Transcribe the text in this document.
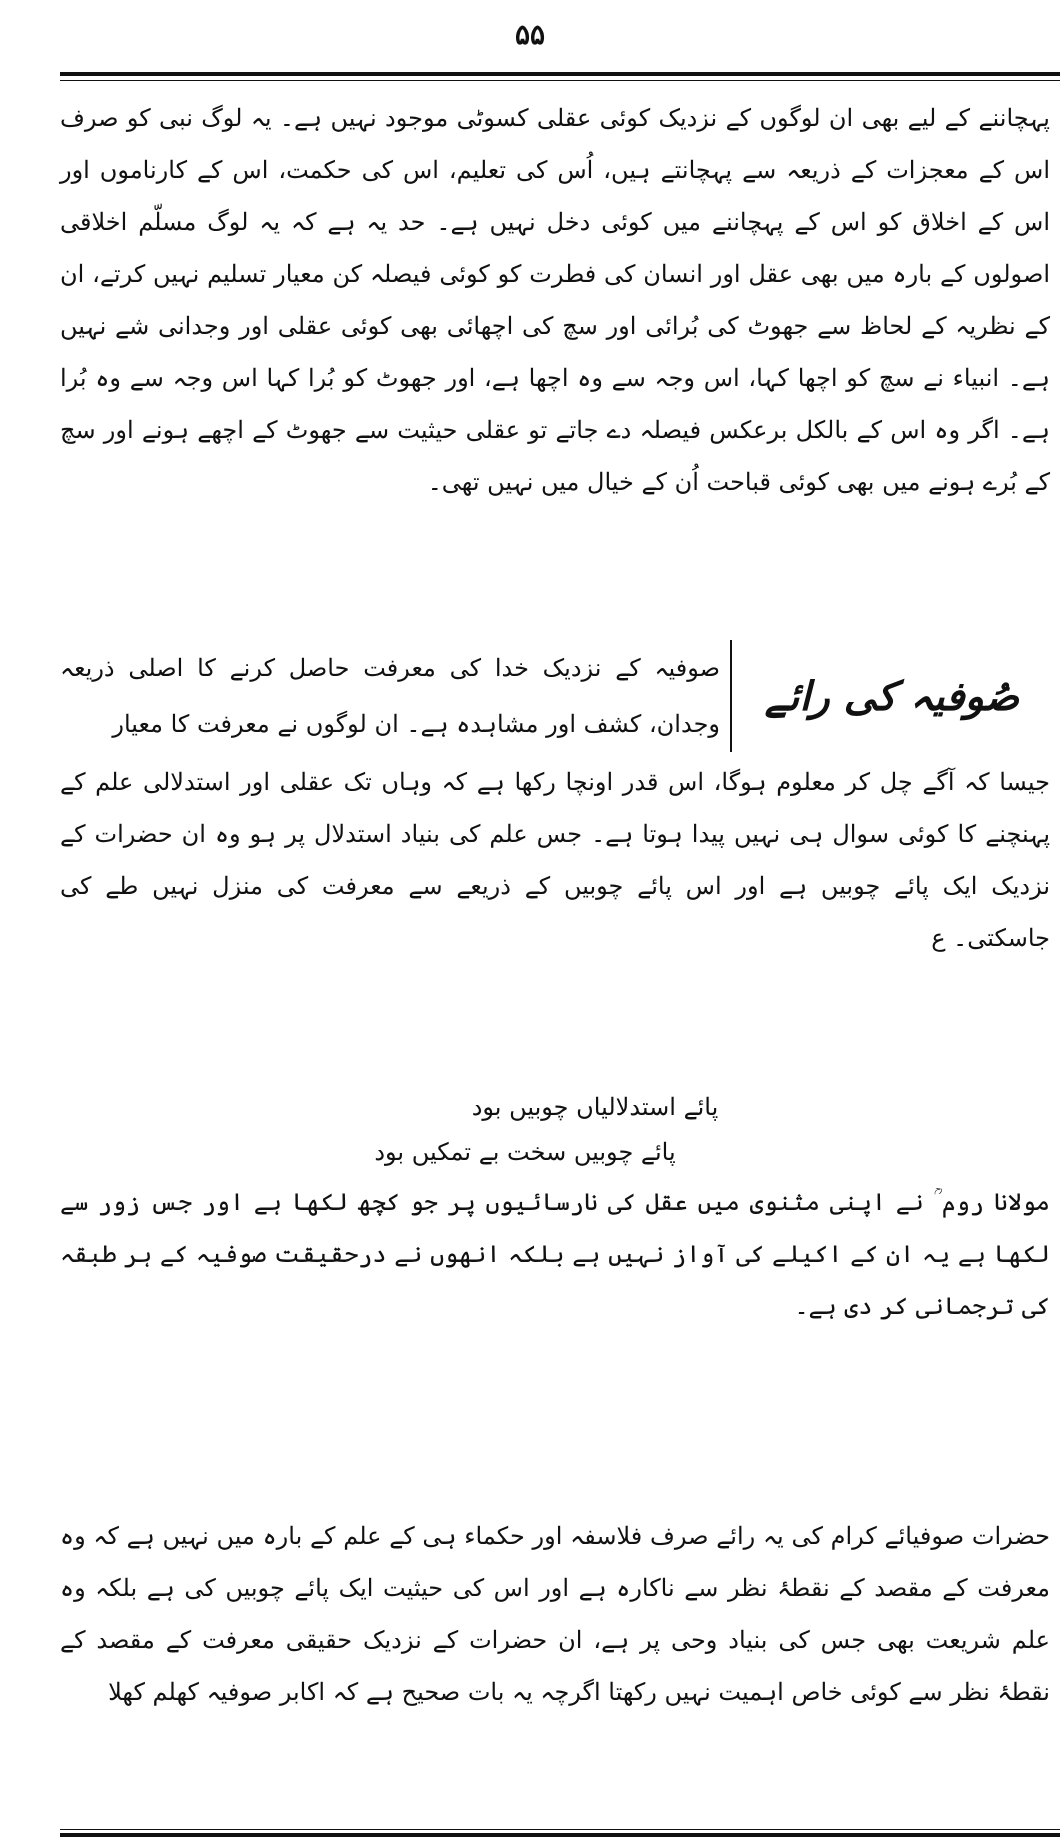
۵۵

پہچاننے کے لیے بھی ان لوگوں کے نزدیک کوئی عقلی کسوٹی موجود نہیں ہے۔ یہ لوگ نبی کو صرف اس کے معجزات کے ذریعہ سے پہچانتے ہیں، اُس کی تعلیم، اس کی حکمت، اس کے کارناموں اور اس کے اخلاق کو اس کے پہچاننے میں کوئی دخل نہیں ہے۔ حد یہ ہے کہ یہ لوگ مسلّم اخلاقی اصولوں کے بارہ میں بھی عقل اور انسان کی فطرت کو کوئی فیصلہ کن معیار تسلیم نہیں کرتے، ان کے نظریہ کے لحاظ سے جھوٹ کی بُرائی اور سچ کی اچھائی بھی کوئی عقلی اور وجدانی شے نہیں ہے۔ انبیاء نے سچ کو اچھا کہا، اس وجہ سے وہ اچھا ہے، اور جھوٹ کو بُرا کہا اس وجہ سے وہ بُرا ہے۔ اگر وہ اس کے بالکل برعکس فیصلہ دے جاتے تو عقلی حیثیت سے جھوٹ کے اچھے ہونے اور سچ کے بُرے ہونے میں بھی کوئی قباحت اُن کے خیال میں نہیں تھی۔

صُوفیہ کی رائے

صوفیہ کے نزدیک خدا کی معرفت حاصل کرنے کا اصلی ذریعہ وجدان، کشف اور مشاہدہ ہے۔ ان لوگوں نے معرفت کا معیار

جیسا کہ آگے چل کر معلوم ہوگا، اس قدر اونچا رکھا ہے کہ وہاں تک عقلی اور استدلالی علم کے پہنچنے کا کوئی سوال ہی نہیں پیدا ہوتا ہے۔ جس علم کی بنیاد استدلال پر ہو وہ ان حضرات کے نزدیک ایک پائے چوبیں ہے اور اس پائے چوبیں کے ذریعے سے معرفت کی منزل نہیں طے کی جاسکتی۔ ع

پائے استدلالیاں چوبیں بود

پائے چوبیں سخت بے تمکیں بود

مولانا روم ؒ نے اپنی مثنوی میں عقل کی نارسائیوں پر جو کچھ لکھا ہے اور جس زور سے لکھا ہے یہ ان کے اکیلے کی آواز نہیں ہے بلکہ انھوں نے درحقیقت صوفیہ کے ہر طبقہ کی ترجمانی کر دی ہے۔

حضرات صوفیائے کرام کی یہ رائے صرف فلاسفہ اور حکماء ہی کے علم کے بارہ میں نہیں ہے کہ وہ معرفت کے مقصد کے نقطۂ نظر سے ناکارہ ہے اور اس کی حیثیت ایک پائے چوبیں کی ہے بلکہ وہ علم شریعت بھی جس کی بنیاد وحی پر ہے، ان حضرات کے نزدیک حقیقی معرفت کے مقصد کے نقطۂ نظر سے کوئی خاص اہمیت نہیں رکھتا اگرچہ یہ بات صحیح ہے کہ اکابر صوفیہ کھلم کھلا
